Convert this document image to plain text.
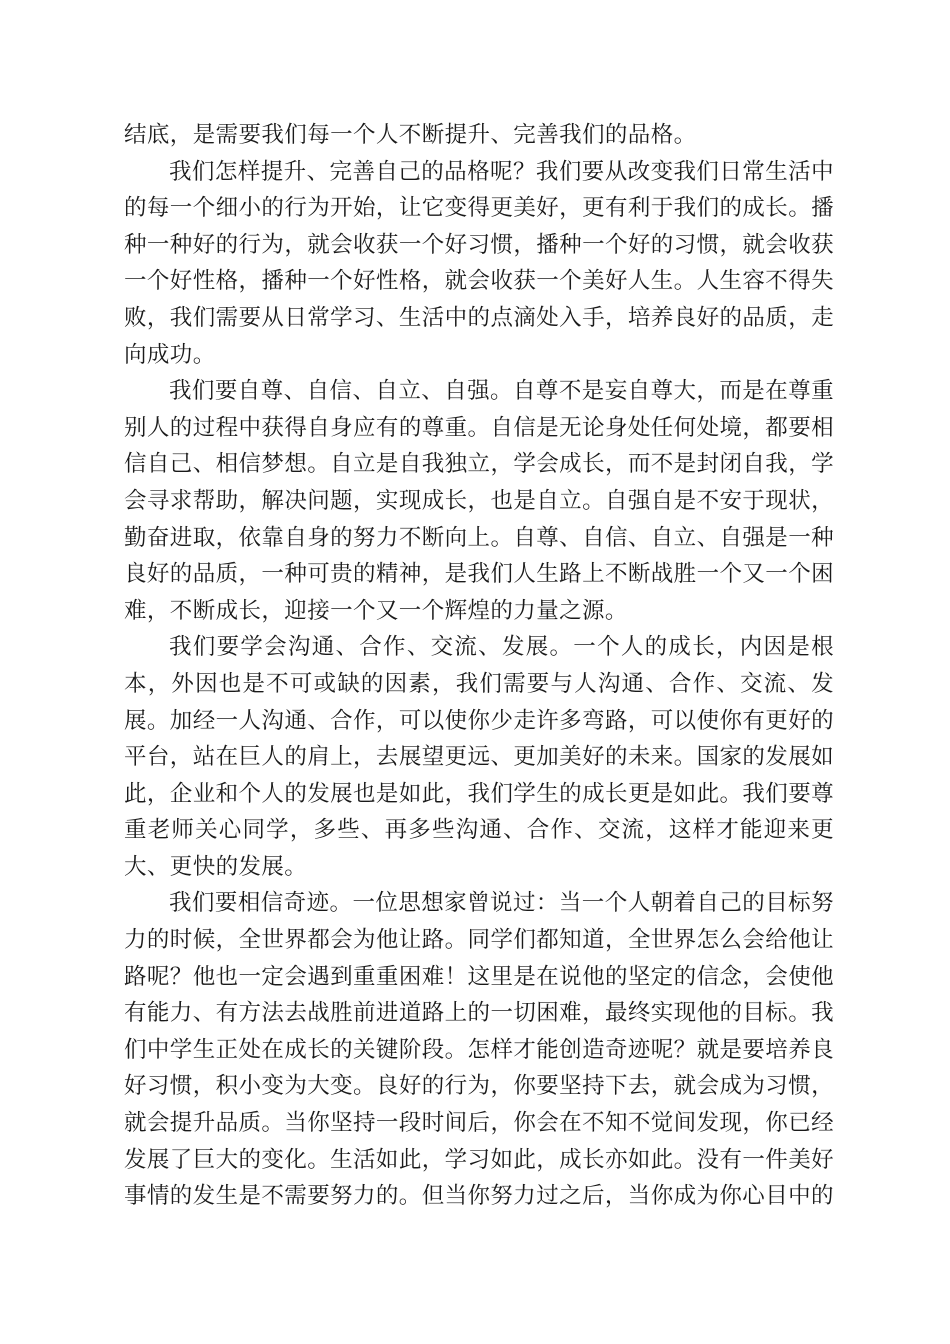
结底，是需要我们每一个人不断提升、完善我们的品格。

我们怎样提升、完善自己的品格呢？我们要从改变我们日常生活中的每一个细小的行为开始，让它变得更美好，更有利于我们的成长。播种一种好的行为，就会收获一个好习惯，播种一个好的习惯，就会收获一个好性格，播种一个好性格，就会收获一个美好人生。人生容不得失败，我们需要从日常学习、生活中的点滴处入手，培养良好的品质，走向成功。

我们要自尊、自信、自立、自强。自尊不是妄自尊大，而是在尊重别人的过程中获得自身应有的尊重。自信是无论身处任何处境，都要相信自己、相信梦想。自立是自我独立，学会成长，而不是封闭自我，学会寻求帮助，解决问题，实现成长，也是自立。自强自是不安于现状，勤奋进取，依靠自身的努力不断向上。自尊、自信、自立、自强是一种良好的品质，一种可贵的精神，是我们人生路上不断战胜一个又一个困难，不断成长，迎接一个又一个辉煌的力量之源。

我们要学会沟通、合作、交流、发展。一个人的成长，内因是根本，外因也是不可或缺的因素，我们需要与人沟通、合作、交流、发展。加经一人沟通、合作，可以使你少走许多弯路，可以使你有更好的平台，站在巨人的肩上，去展望更远、更加美好的未来。国家的发展如此，企业和个人的发展也是如此，我们学生的成长更是如此。我们要尊重老师关心同学，多些、再多些沟通、合作、交流，这样才能迎来更大、更快的发展。

我们要相信奇迹。一位思想家曾说过：当一个人朝着自己的目标努力的时候，全世界都会为他让路。同学们都知道，全世界怎么会给他让路呢？他也一定会遇到重重困难！这里是在说他的坚定的信念，会使他有能力、有方法去战胜前进道路上的一切困难，最终实现他的目标。我们中学生正处在成长的关键阶段。怎样才能创造奇迹呢？就是要培养良好习惯，积小变为大变。良好的行为，你要坚持下去，就会成为习惯，就会提升品质。当你坚持一段时间后，你会在不知不觉间发现，你已经发展了巨大的变化。生活如此，学习如此，成长亦如此。没有一件美好事情的发生是不需要努力的。但当你努力过之后，当你成为你心目中的
